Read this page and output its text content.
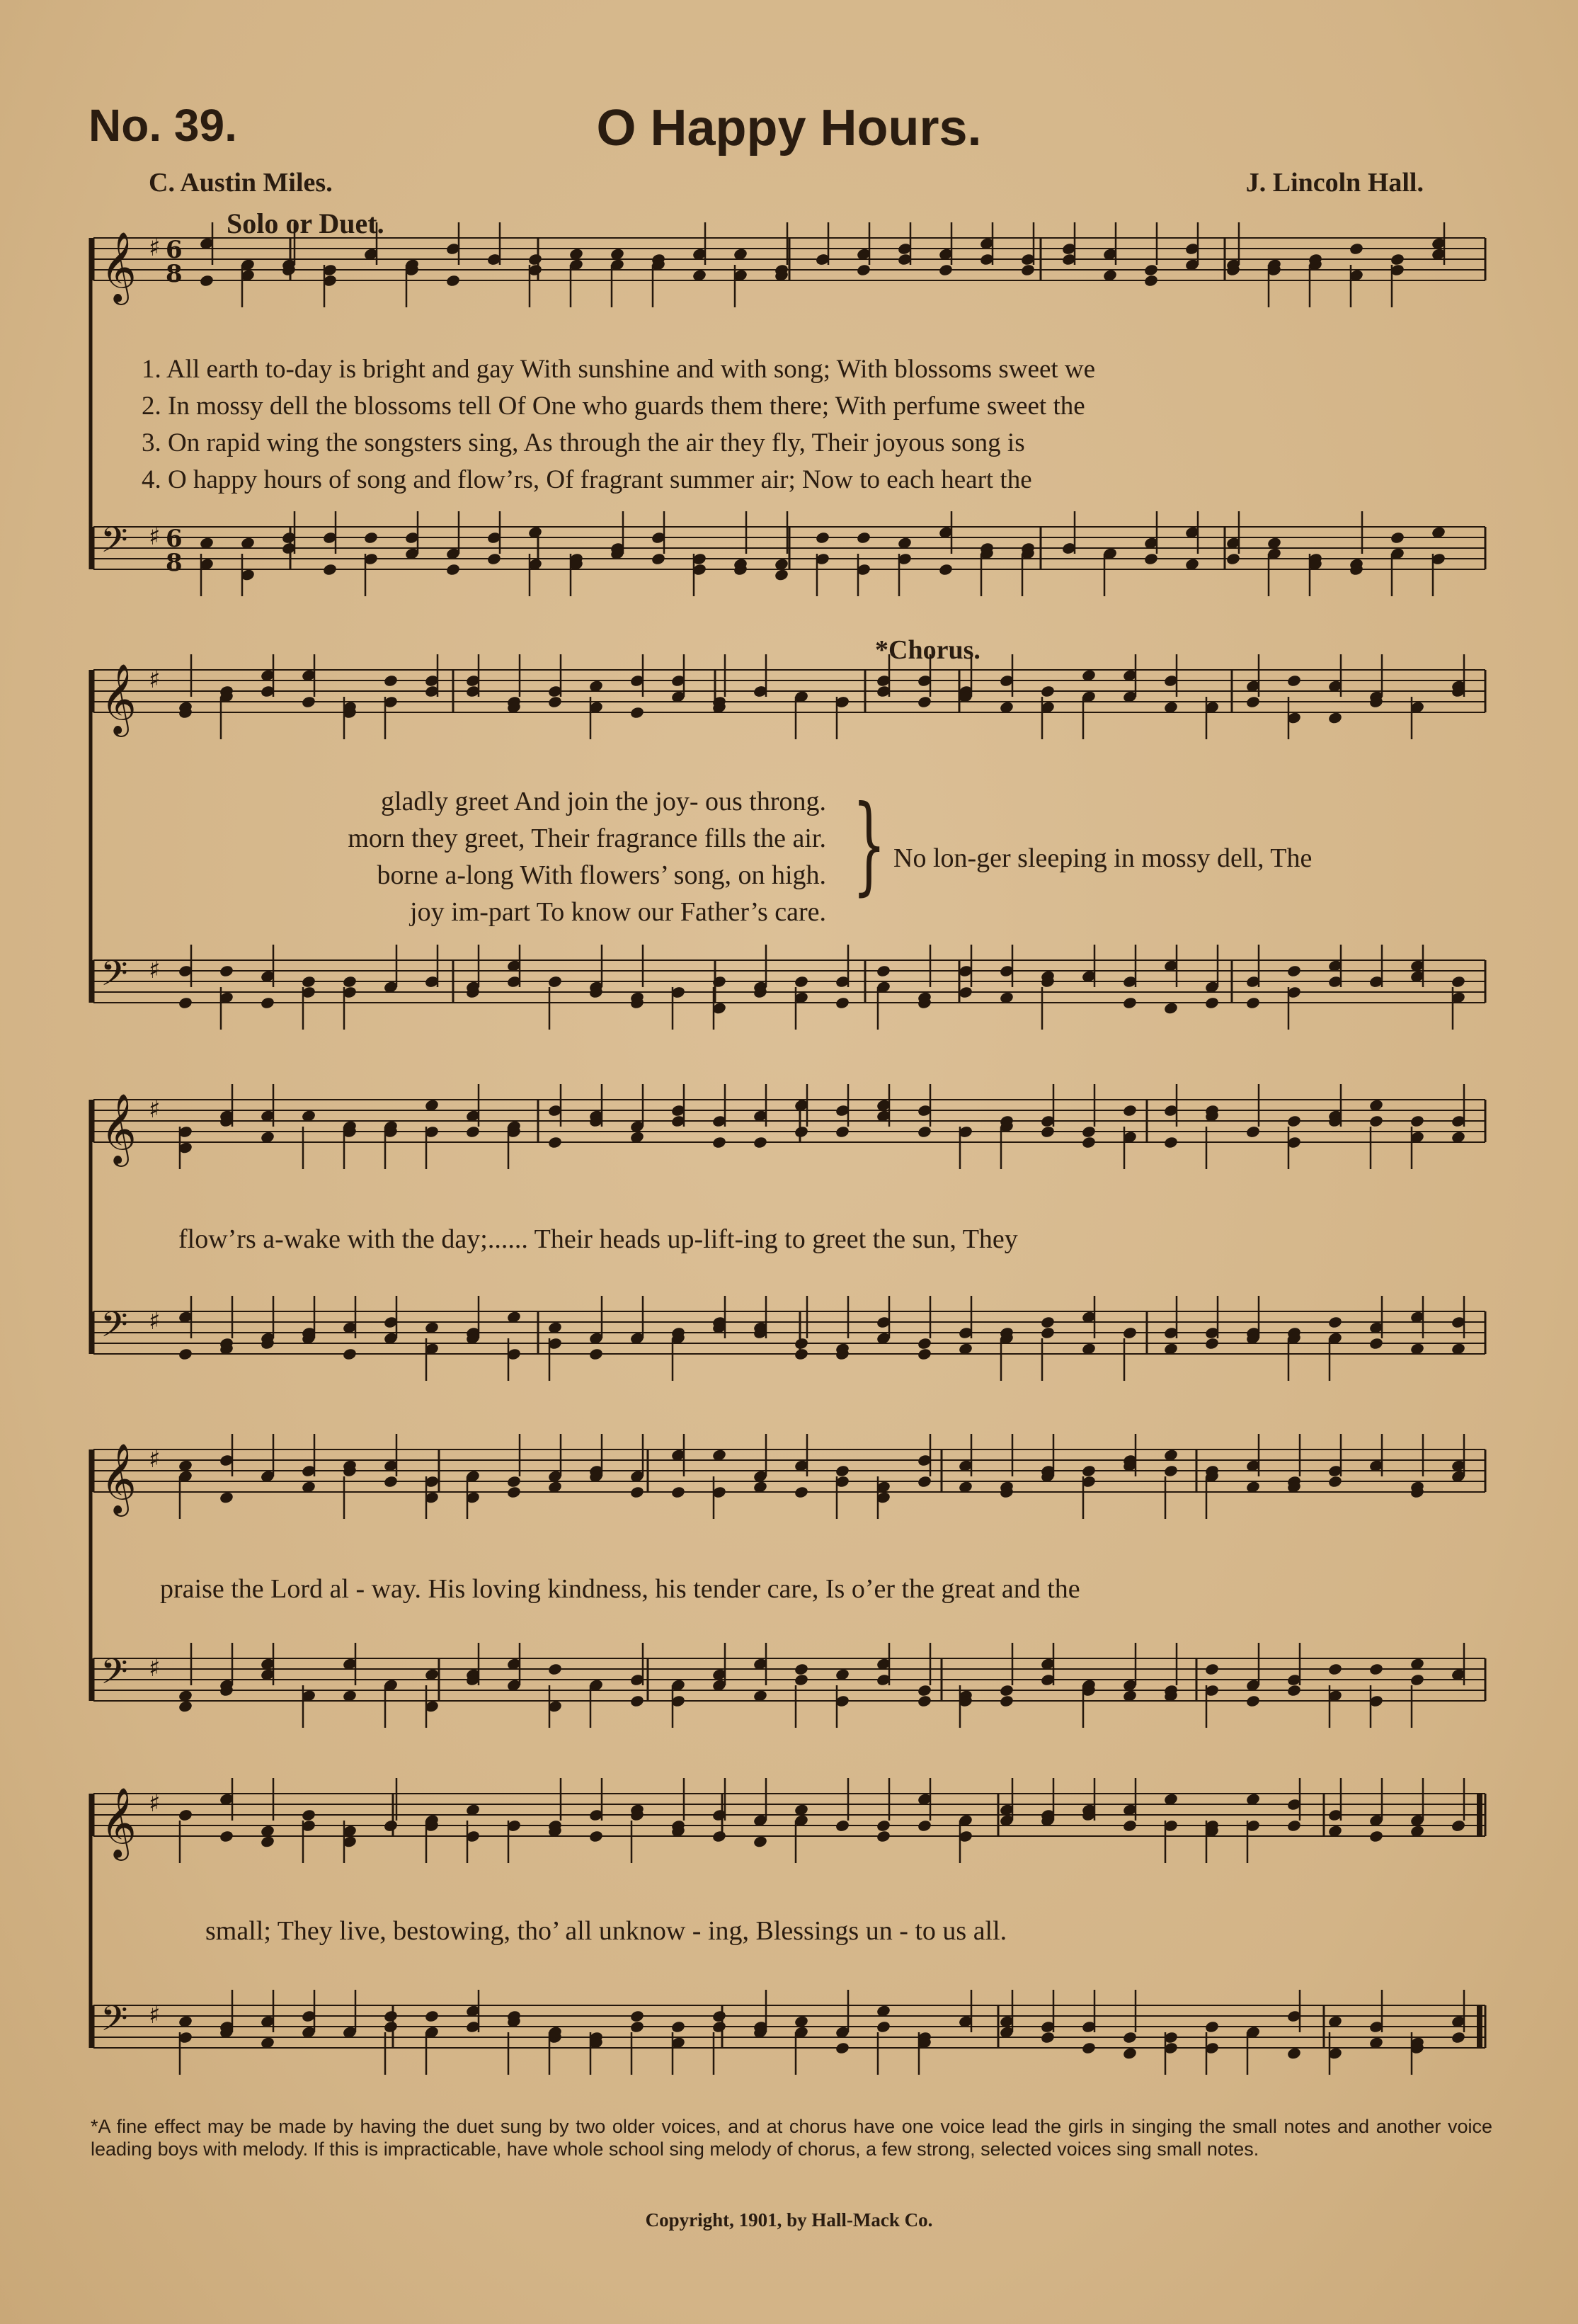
No. 39.	O Happy Hours.
C. Austin Miles.	J. Lincoln Hall.
Solo or Duet.
*Chorus.
𝄞 ♯ 6
8
𝄢 ♯ 6
8
𝄞 ♯
𝄢 ♯
𝄞 ♯
𝄢 ♯
𝄞 ♯
𝄢 ♯
𝄞 ♯
𝄢 ♯
1. All earth to-day is bright and gay With sunshine and with song; With blossoms sweet we
2. In mossy dell the blossoms tell Of One who guards them there; With perfume sweet the
3. On rapid wing the songsters sing, As through the air they fly, Their joyous song is
4. O happy hours of song and flow’rs, Of fragrant summer air; Now to each heart the
gladly greet And join the joy- ous throng.
morn they greet, Their fragrance fills the air.
borne a-long With flowers’ song, on high.
joy im-part To know our Father’s care.
} No lon-ger sleeping in mossy dell, The
flow’rs a-wake with the day;...... Their heads up-lift-ing to greet the sun, They
praise the Lord al - way. His loving kindness, his tender care, Is o’er the great and the
small; They live, bestowing, tho’ all unknow - ing, Blessings un - to us all.
*A fine effect may be made by having the duet sung by two older voices, and at chorus have one voice lead the girls in singing the small notes and another voice leading boys with melody. If this is impracticable, have whole school sing melody of chorus, a few strong, selected voices sing small notes.
Copyright, 1901, by Hall-Mack Co.
